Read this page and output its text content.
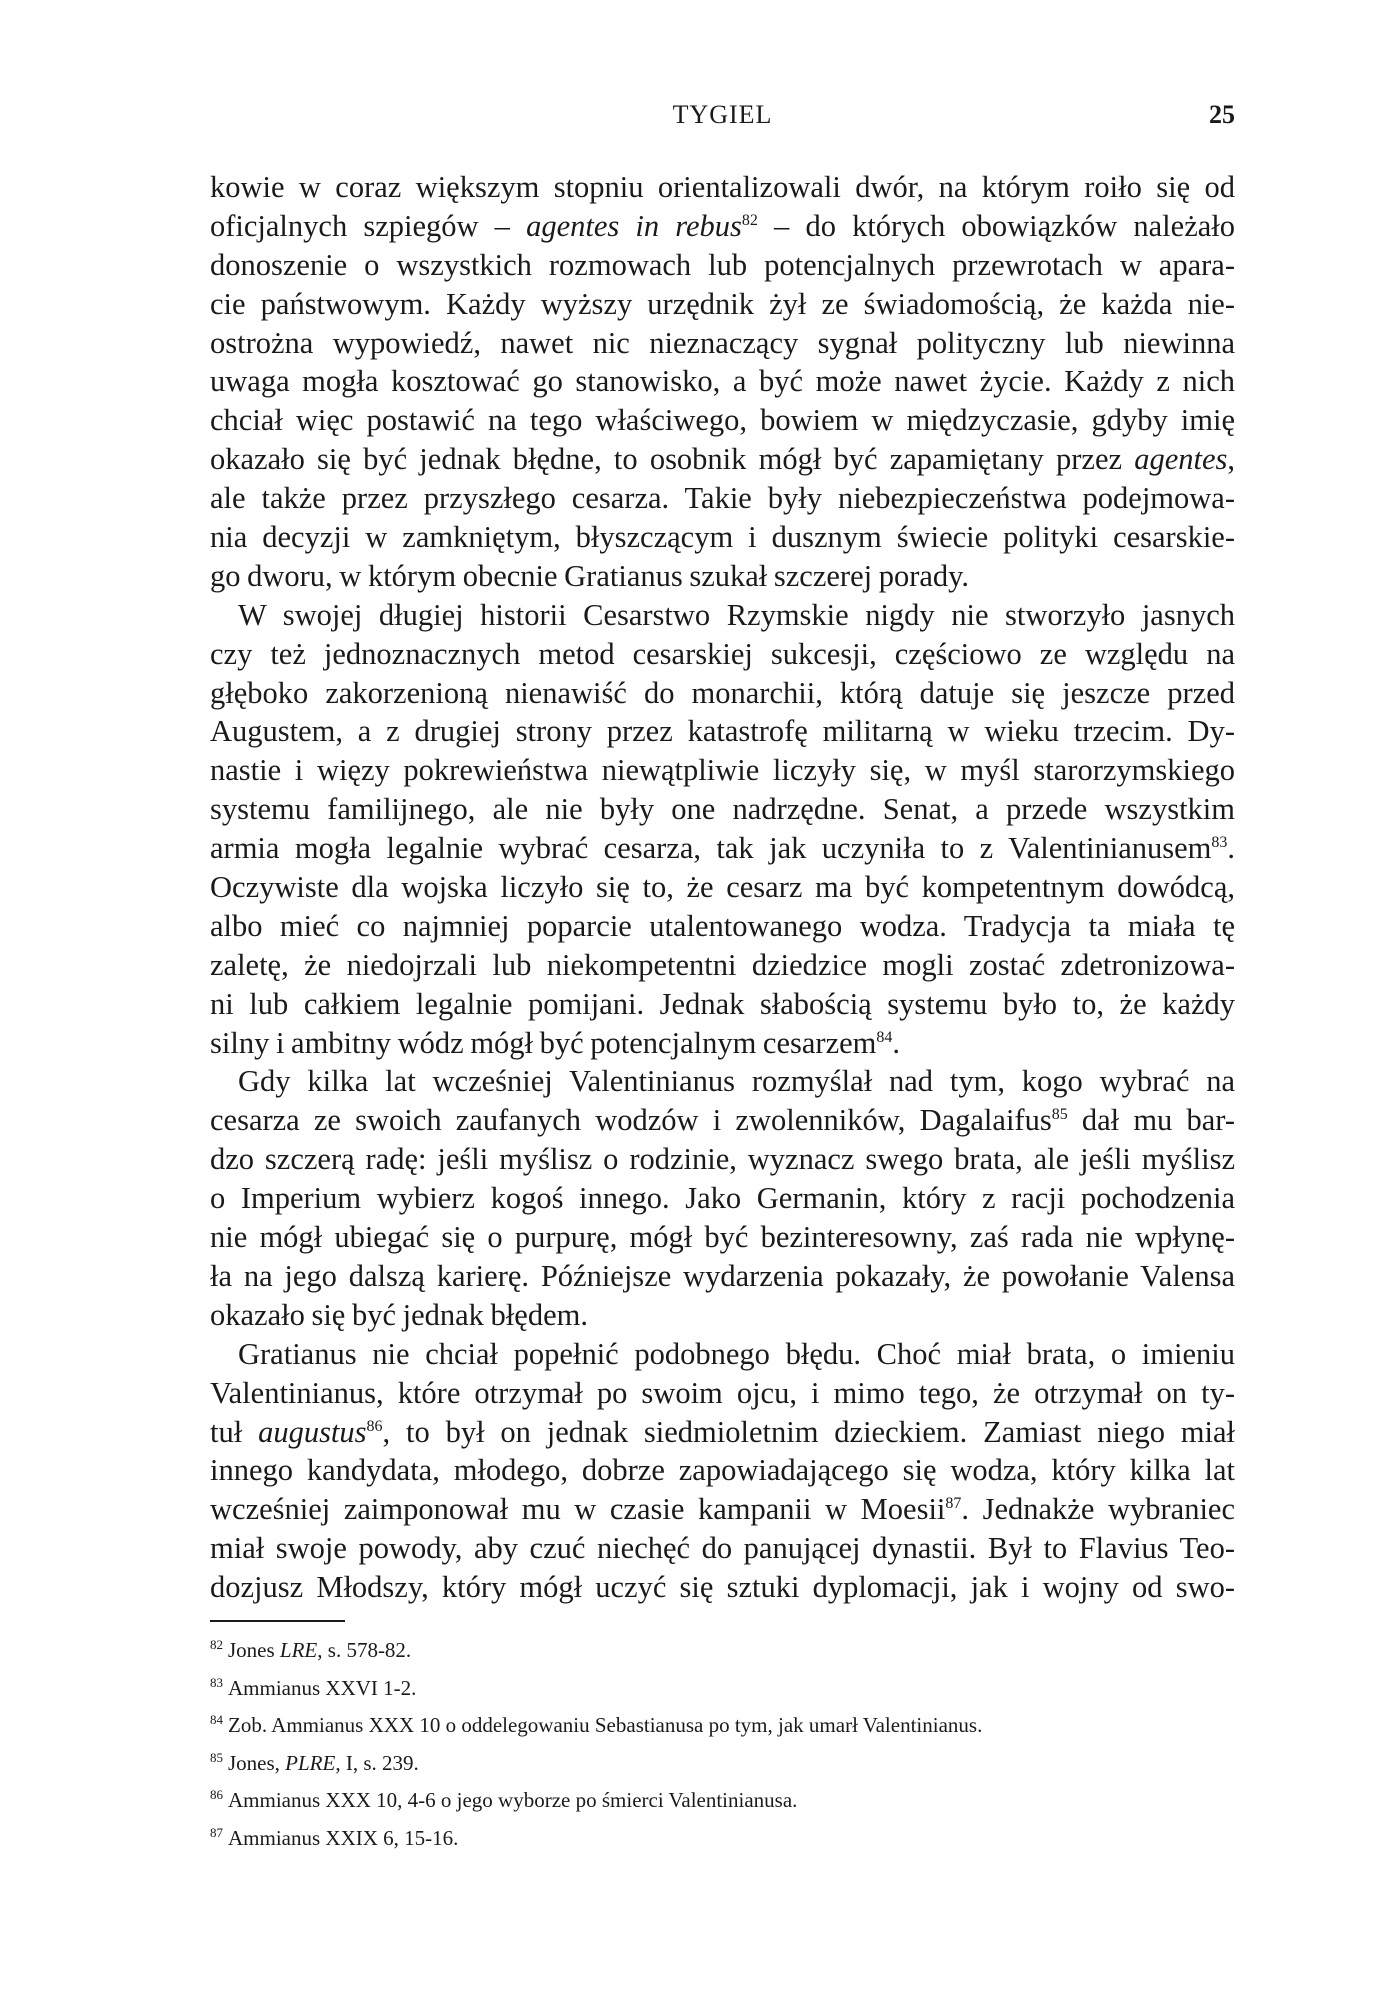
TYGIEL	25
kowie w coraz większym stopniu orientalizowali dwór, na którym roiło się od
oficjalnych szpiegów – agentes in rebus$^{82}$ – do których obowiązków należało
donoszenie o wszystkich rozmowach lub potencjalnych przewrotach w apara-
cie państwowym. Każdy wyższy urzędnik żył ze świadomością, że każda nie-
ostrożna wypowiedź, nawet nic nieznaczący sygnał polityczny lub niewinna
uwaga mogła kosztować go stanowisko, a być może nawet życie. Każdy z nich
chciał więc postawić na tego właściwego, bowiem w międzyczasie, gdyby imię
okazało się być jednak błędne, to osobnik mógł być zapamiętany przez agentes,
ale także przez przyszłego cesarza. Takie były niebezpieczeństwa podejmowa-
nia decyzji w zamkniętym, błyszczącym i dusznym świecie polityki cesarskie-
go dworu, w którym obecnie Gratianus szukał szczerej porady.
W swojej długiej historii Cesarstwo Rzymskie nigdy nie stworzyło jasnych
czy też jednoznacznych metod cesarskiej sukcesji, częściowo ze względu na
głęboko zakorzenioną nienawiść do monarchii, którą datuje się jeszcze przed
Augustem, a z drugiej strony przez katastrofę militarną w wieku trzecim. Dy-
nastie i więzy pokrewieństwa niewątpliwie liczyły się, w myśl starorzymskiego
systemu familijnego, ale nie były one nadrzędne. Senat, a przede wszystkim
armia mogła legalnie wybrać cesarza, tak jak uczyniła to z Valentinianusem$^{83}$.
Oczywiste dla wojska liczyło się to, że cesarz ma być kompetentnym dowódcą,
albo mieć co najmniej poparcie utalentowanego wodza. Tradycja ta miała tę
zaletę, że niedojrzali lub niekompetentni dziedzice mogli zostać zdetronizowa-
ni lub całkiem legalnie pomijani. Jednak słabością systemu było to, że każdy
silny i ambitny wódz mógł być potencjalnym cesarzem$^{84}$.
Gdy kilka lat wcześniej Valentinianus rozmyślał nad tym, kogo wybrać na
cesarza ze swoich zaufanych wodzów i zwolenników, Dagalaifus$^{85}$ dał mu bar-
dzo szczerą radę: jeśli myślisz o rodzinie, wyznacz swego brata, ale jeśli myślisz
o Imperium wybierz kogoś innego. Jako Germanin, który z racji pochodzenia
nie mógł ubiegać się o purpurę, mógł być bezinteresowny, zaś rada nie wpłynę-
ła na jego dalszą karierę. Późniejsze wydarzenia pokazały, że powołanie Valensa
okazało się być jednak błędem.
Gratianus nie chciał popełnić podobnego błędu. Choć miał brata, o imieniu
Valentinianus, które otrzymał po swoim ojcu, i mimo tego, że otrzymał on ty-
tuł augustus$^{86}$, to był on jednak siedmioletnim dzieckiem. Zamiast niego miał
innego kandydata, młodego, dobrze zapowiadającego się wodza, który kilka lat
wcześniej zaimponował mu w czasie kampanii w Moesii$^{87}$. Jednakże wybraniec
miał swoje powody, aby czuć niechęć do panującej dynastii. Był to Flavius Teo-
dozjusz Młodszy, który mógł uczyć się sztuki dyplomacji, jak i wojny od swo-
$^{82}$ Jones LRE, s. 578-82.
$^{83}$ Ammianus XXVI 1-2.
$^{84}$ Zob. Ammianus XXX 10 o oddelegowaniu Sebastianusa po tym, jak umarł Valentinianus.
$^{85}$ Jones, PLRE, I, s. 239.
$^{86}$ Ammianus XXX 10, 4-6 o jego wyborze po śmierci Valentinianusa.
$^{87}$ Ammianus XXIX 6, 15-16.
